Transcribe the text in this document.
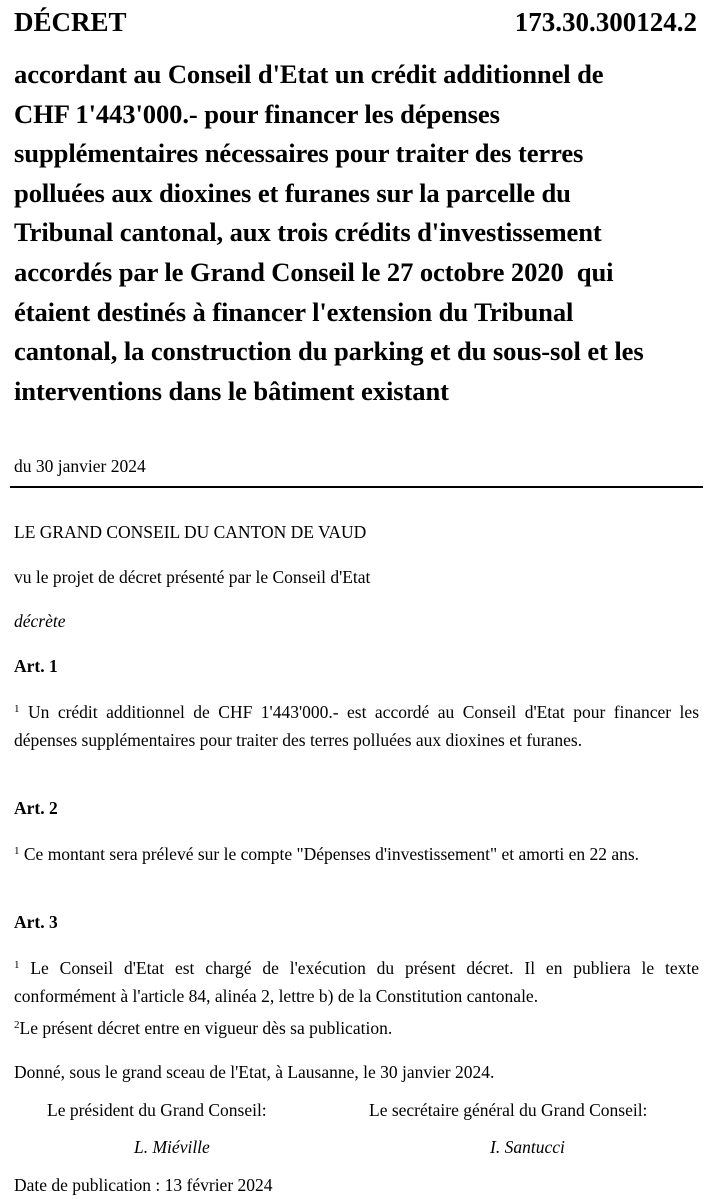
DÉCRET	173.30.300124.2
accordant au Conseil d'Etat un crédit additionnel de
CHF 1'443'000.- pour financer les dépenses
supplémentaires nécessaires pour traiter des terres
polluées aux dioxines et furanes sur la parcelle du
Tribunal cantonal, aux trois crédits d'investissement
accordés par le Grand Conseil le 27 octobre 2020  qui
étaient destinés à financer l'extension du Tribunal
cantonal, la construction du parking et du sous-sol et les
interventions dans le bâtiment existant
du 30 janvier 2024
LE GRAND CONSEIL DU CANTON DE VAUD
vu le projet de décret présenté par le Conseil d'Etat
décrète
Art. 1
$^1$ Un crédit additionnel de CHF 1'443'000.- est accordé au Conseil d'Etat pour financer les dépenses supplémentaires pour traiter des terres polluées aux dioxines et furanes.
Art. 2
$^1$ Ce montant sera prélevé sur le compte "Dépenses d'investissement" et amorti en 22 ans.
Art. 3
$^1$ Le Conseil d'Etat est chargé de l'exécution du présent décret. Il en publiera le texte conformément à l'article 84, alinéa 2, lettre b) de la Constitution cantonale.
$^2$Le présent décret entre en vigueur dès sa publication.
Donné, sous le grand sceau de l'Etat, à Lausanne, le 30 janvier 2024.
Le président du Grand Conseil:	Le secrétaire général du Grand Conseil:
L. Miéville	I. Santucci
Date de publication : 13 février 2024
